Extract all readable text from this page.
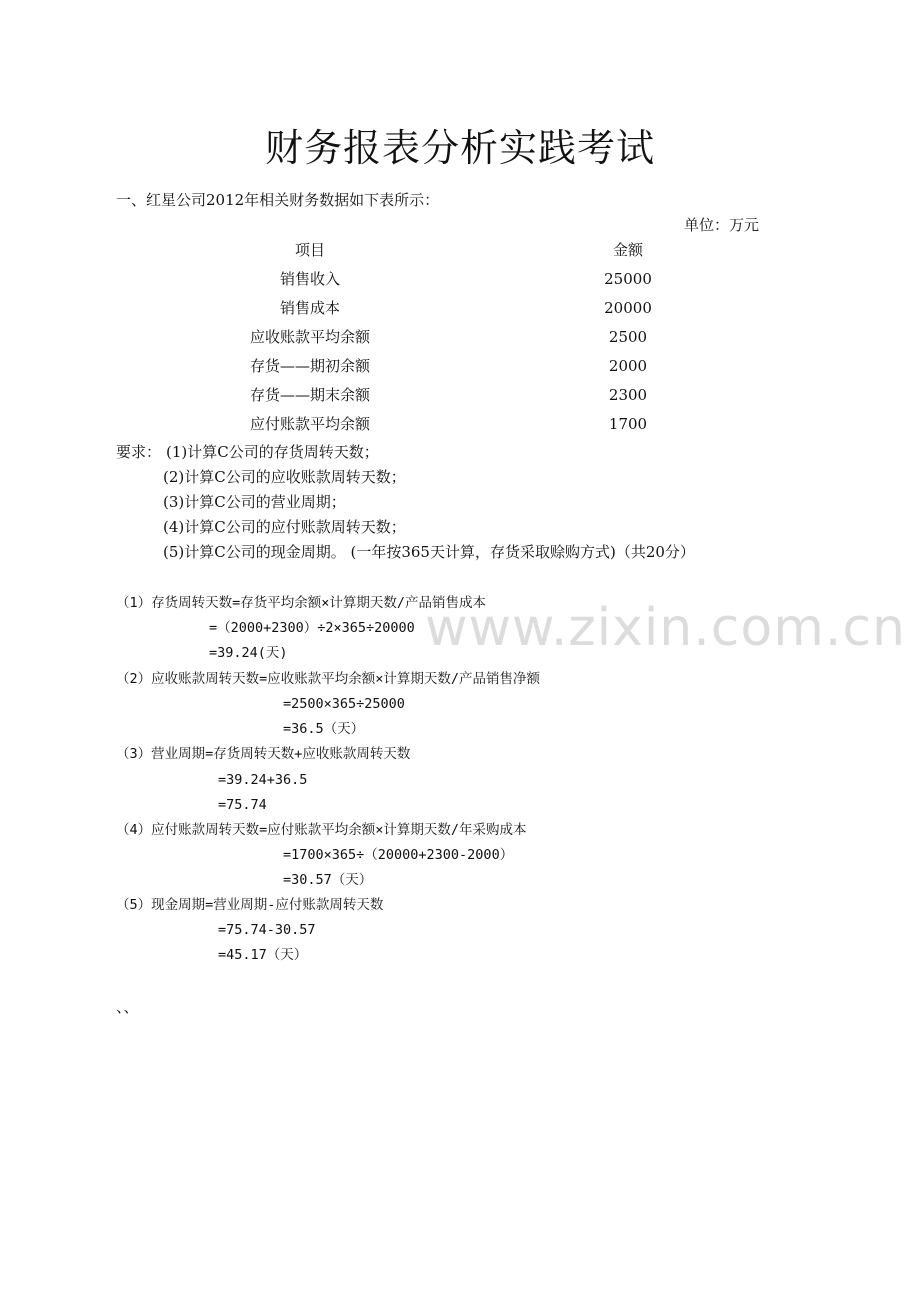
www.zixin.com.cn
财务报表分析实践考试
一、红星公司2012年相关财务数据如下表所示：
单位：万元
项目	金额
销售收入	25000
销售成本	20000
应收账款平均余额	2500
存货——期初余额	2000
存货——期末余额	2300
应付账款平均余额	1700
要求： (1)计算C公司的存货周转天数；
(2)计算C公司的应收账款周转天数；
(3)计算C公司的营业周期；
(4)计算C公司的应付账款周转天数；
(5)计算C公司的现金周期。 (一年按365天计算，存货采取赊购方式)（共20分）
（1）存货周转天数=存货平均余额×计算期天数/产品销售成本
=（2000+2300）÷2×365÷20000
=39.24(天)
（2）应收账款周转天数=应收账款平均余额×计算期天数/产品销售净额
=2500×365÷25000
=36.5（天）
（3）营业周期=存货周转天数+应收账款周转天数
=39.24+36.5
=75.74
（4）应付账款周转天数=应付账款平均余额×计算期天数/年采购成本
=1700×365÷（20000+2300-2000）
=30.57（天）
（5）现金周期=营业周期-应付账款周转天数
=75.74-30.57
=45.17（天）
、、
